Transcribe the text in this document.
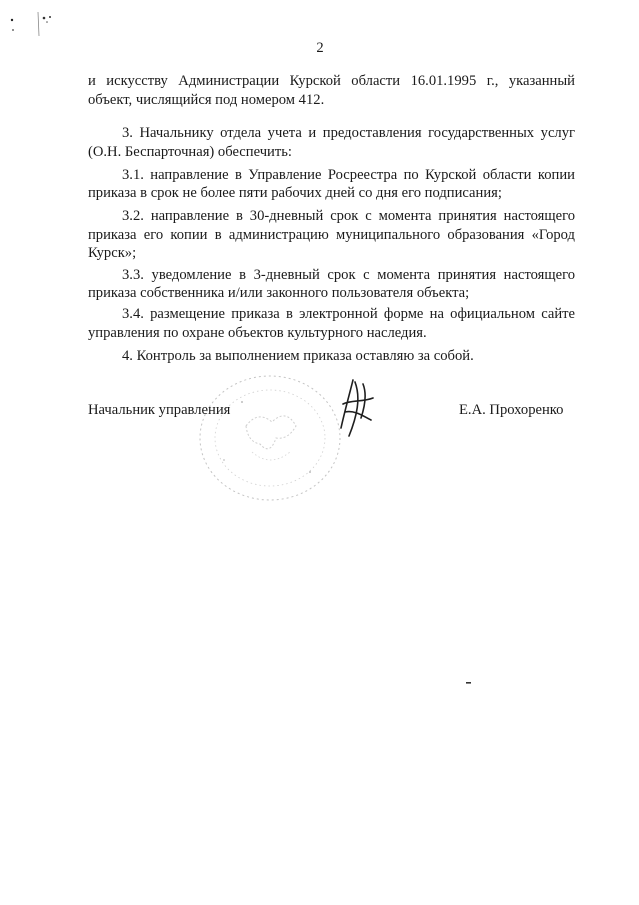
2
и искусству Администрации Курской области 16.01.1995 г., указанный
объект, числящийся под номером 412.
3. Начальнику отдела учета и предоставления государственных услуг
(О.Н. Беспарточная) обеспечить:
3.1. направление в Управление Росреестра по Курской области копии
приказа в срок не более пяти рабочих дней со дня его подписания;
3.2. направление в 30-дневный срок с момента принятия настоящего
приказа его копии в администрацию муниципального образования «Город
Курск»;
3.3. уведомление в 3-дневный срок с момента принятия настоящего
приказа собственника и/или законного пользователя объекта;
3.4. размещение приказа в электронной форме на официальном сайте
управления по охране объектов культурного наследия.
4. Контроль за выполнением приказа оставляю за собой.
Начальник управления	Е.А. Прохоренко
